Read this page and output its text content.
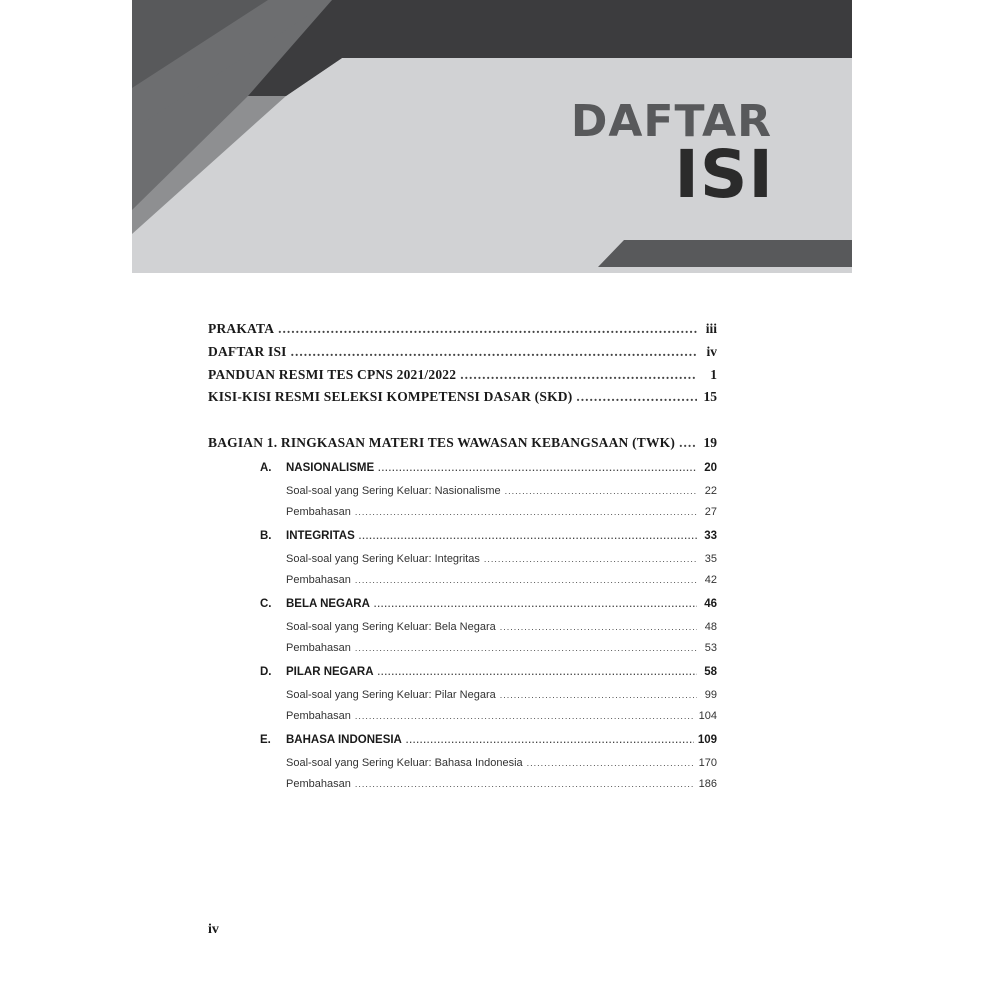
DAFTAR
ISI
PRAKATA .....	iii
DAFTAR ISI .....	iv
PANDUAN RESMI TES CPNS 2021/2022 .....	1
KISI-KISI RESMI SELEKSI KOMPETENSI DASAR (SKD) .....	15
BAGIAN 1. RINGKASAN MATERI TES WAWASAN KEBANGSAAN (TWK) ..... 19
A.	NASIONALISME .....	20
Soal-soal yang Sering Keluar: Nasionalisme .....	22
Pembahasan .....	27
B.	INTEGRITAS .....	33
Soal-soal yang Sering Keluar: Integritas .....	35
Pembahasan .....	42
C.	BELA NEGARA .....	46
Soal-soal yang Sering Keluar: Bela Negara .....	48
Pembahasan .....	53
D.	PILAR NEGARA .....	58
Soal-soal yang Sering Keluar: Pilar Negara .....	99
Pembahasan .....	104
E.	BAHASA INDONESIA .....	109
Soal-soal yang Sering Keluar: Bahasa Indonesia .....	170
Pembahasan .....	186
iv
